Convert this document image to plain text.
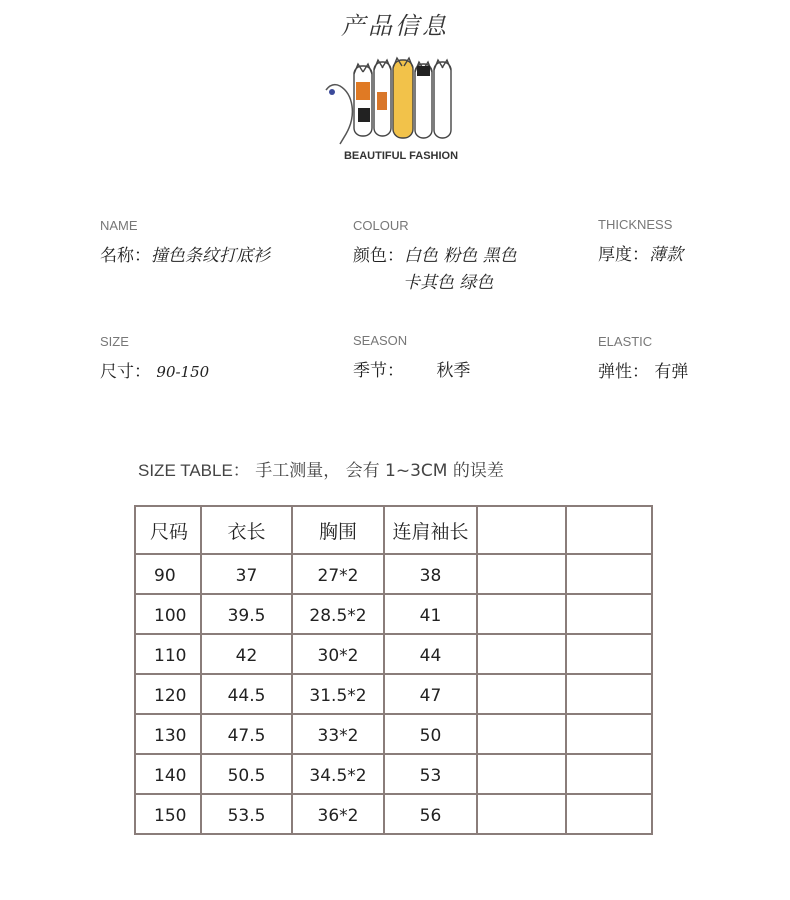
产品信息
BEAUTIFUL FASHION
NAME
名称：撞色条纹打底衫
COLOUR
颜色：白色 粉色 黑色
卡其色 绿色
THICKNESS
厚度：薄款
SIZE
尺寸： 90-150
SEASON
季节： 秋季
ELASTIC
弹性： 有弹
SIZE TABLE： 手工测量， 会有 1~3CM 的误差
尺码	衣长	胸围	连肩袖长		
90	37	27*2	38		
100	39.5	28.5*2	41		
110	42	30*2	44		
120	44.5	31.5*2	47		
130	47.5	33*2	50		
140	50.5	34.5*2	53		
150	53.5	36*2	56		
